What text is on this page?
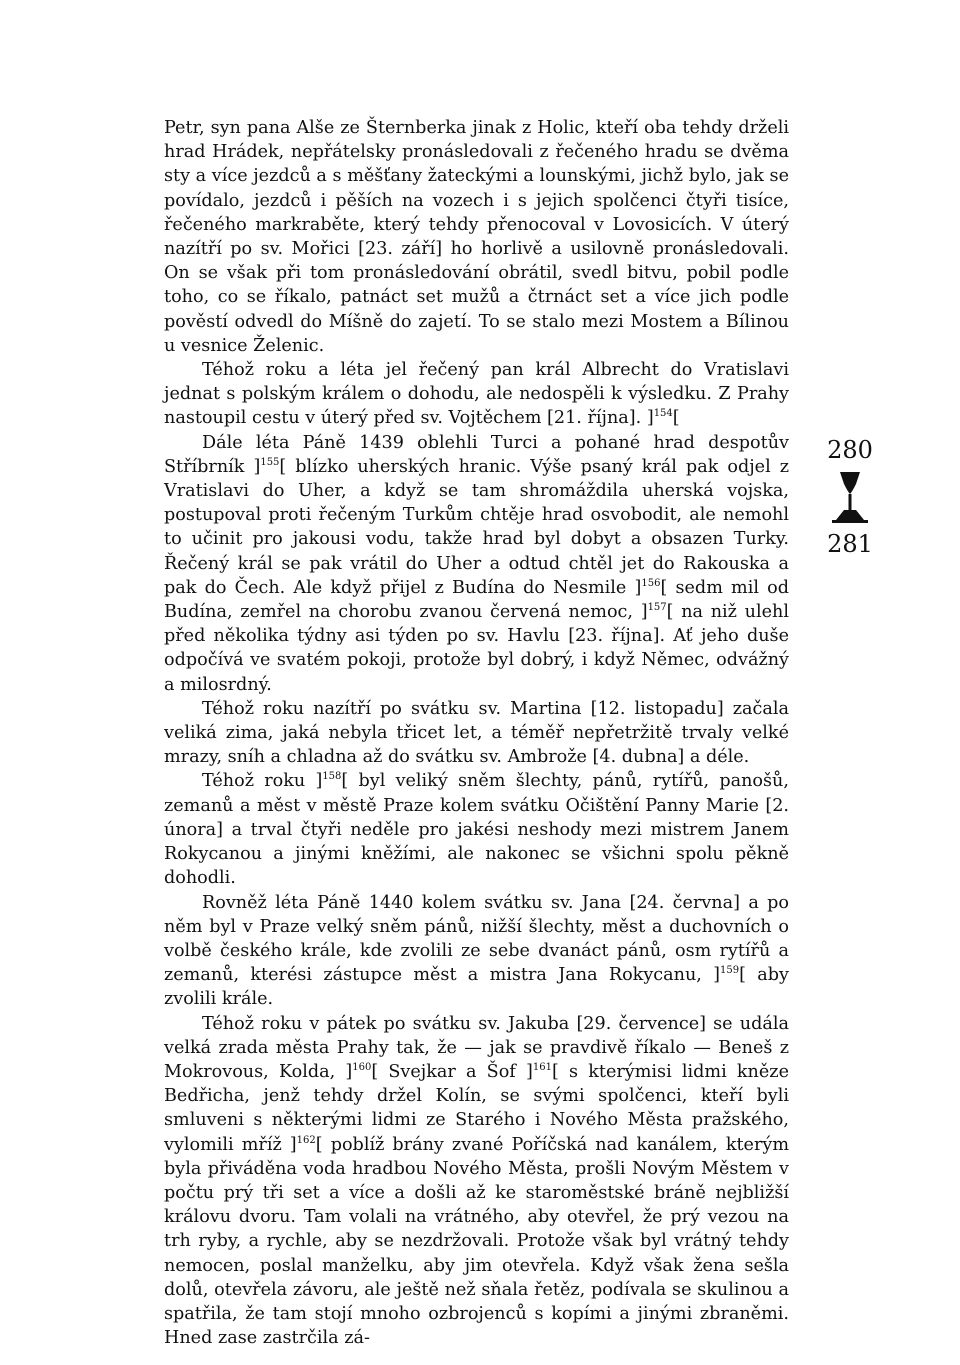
Petr, syn pana Alše ze Šternberka jinak z Holic, kteří oba tehdy drželi hrad Hrádek, nepřátelsky pronásledovali z řečeného hradu se dvěma sty a více jezdců a s měšťany žateckými a lounskými, jichž bylo, jak se povídalo, jezdců i pěších na vozech i s jejich spolčenci čtyři tisíce, řečeného markraběte, který tehdy přenocoval v Lovosicích. V úterý nazítří po sv. Mořici [23. září] ho horlivě a usilovně pronásledovali. On se však při tom pronásledování obrátil, svedl bitvu, pobil podle toho, co se říkalo, patnáct set mužů a čtrnáct set a více jich podle pověstí odvedl do Míšně do zajetí. To se stalo mezi Mostem a Bílinou u vesnice Želenic.

Téhož roku a léta jel řečený pan král Albrecht do Vratislavi jednat s polským králem o dohodu, ale nedospěli k výsledku. Z Prahy nastoupil cestu v úterý před sv. Vojtěchem [21. října]. ]$^{154}$[

Dále léta Páně 1439 oblehli Turci a pohané hrad despotův Stříbrník ]$^{155}$[ blízko uherských hranic. Výše psaný král pak odjel z Vratislavi do Uher, a když se tam shromáždila uherská vojska, postupoval proti řečeným Turkům chtěje hrad osvobodit, ale nemohl to učinit pro jakousi vodu, takže hrad byl dobyt a obsazen Turky. Řečený král se pak vrátil do Uher a odtud chtěl jet do Rakouska a pak do Čech. Ale když přijel z Budína do Nesmile ]$^{156}$[ sedm mil od Budína, zemřel na chorobu zvanou červená nemoc, ]$^{157}$[ na niž ulehl před několika týdny asi týden po sv. Havlu [23. října]. Ať jeho duše odpočívá ve svatém pokoji, protože byl dobrý, i když Němec, odvážný a milosrdný.

Téhož roku nazítří po svátku sv. Martina [12. listopadu] začala veliká zima, jaká nebyla třicet let, a téměř nepřetržitě trvaly velké mrazy, sníh a chladna až do svátku sv. Ambrože [4. dubna] a déle.

Téhož roku ]$^{158}$[ byl veliký sněm šlechty, pánů, rytířů, panošů, zemanů a měst v městě Praze kolem svátku Očištění Panny Marie [2. února] a trval čtyři neděle pro jakési neshody mezi mistrem Janem Rokycanou a jinými kněžími, ale nakonec se všichni spolu pěkně dohodli.

Rovněž léta Páně 1440 kolem svátku sv. Jana [24. června] a po něm byl v Praze velký sněm pánů, nižší šlechty, měst a duchovních o volbě českého krále, kde zvolili ze sebe dvanáct pánů, osm rytířů a zemanů, kterési zástupce měst a mistra Jana Rokycanu, ]$^{159}$[ aby zvolili krále.

Téhož roku v pátek po svátku sv. Jakuba [29. července] se udála velká zrada města Prahy tak, že — jak se pravdivě říkalo — Beneš z Mokrovous, Kolda, ]$^{160}$[ Svejkar a Šof ]$^{161}$[ s kterýmisi lidmi kněze Bedřicha, jenž tehdy držel Kolín, se svými spolčenci, kteří byli smluveni s některými lidmi ze Starého i Nového Města pražského, vylomili mříž ]$^{162}$[ poblíž brány zvané Poříčská nad kanálem, kterým byla přiváděna voda hradbou Nového Města, prošli Novým Městem v počtu prý tři set a více a došli až ke staroměstské bráně nejbližší královu dvoru. Tam volali na vrátného, aby otevřel, že prý vezou na trh ryby, a rychle, aby se nezdržovali. Protože však byl vrátný tehdy nemocen, poslal manželku, aby jim otevřela. Když však žena sešla dolů, otevřela závoru, ale ještě než sňala řetěz, podívala se skulinou a spatřila, že tam stojí mnoho ozbrojenců s kopími a jinými zbraněmi. Hned zase zastrčila zá-

280
281
